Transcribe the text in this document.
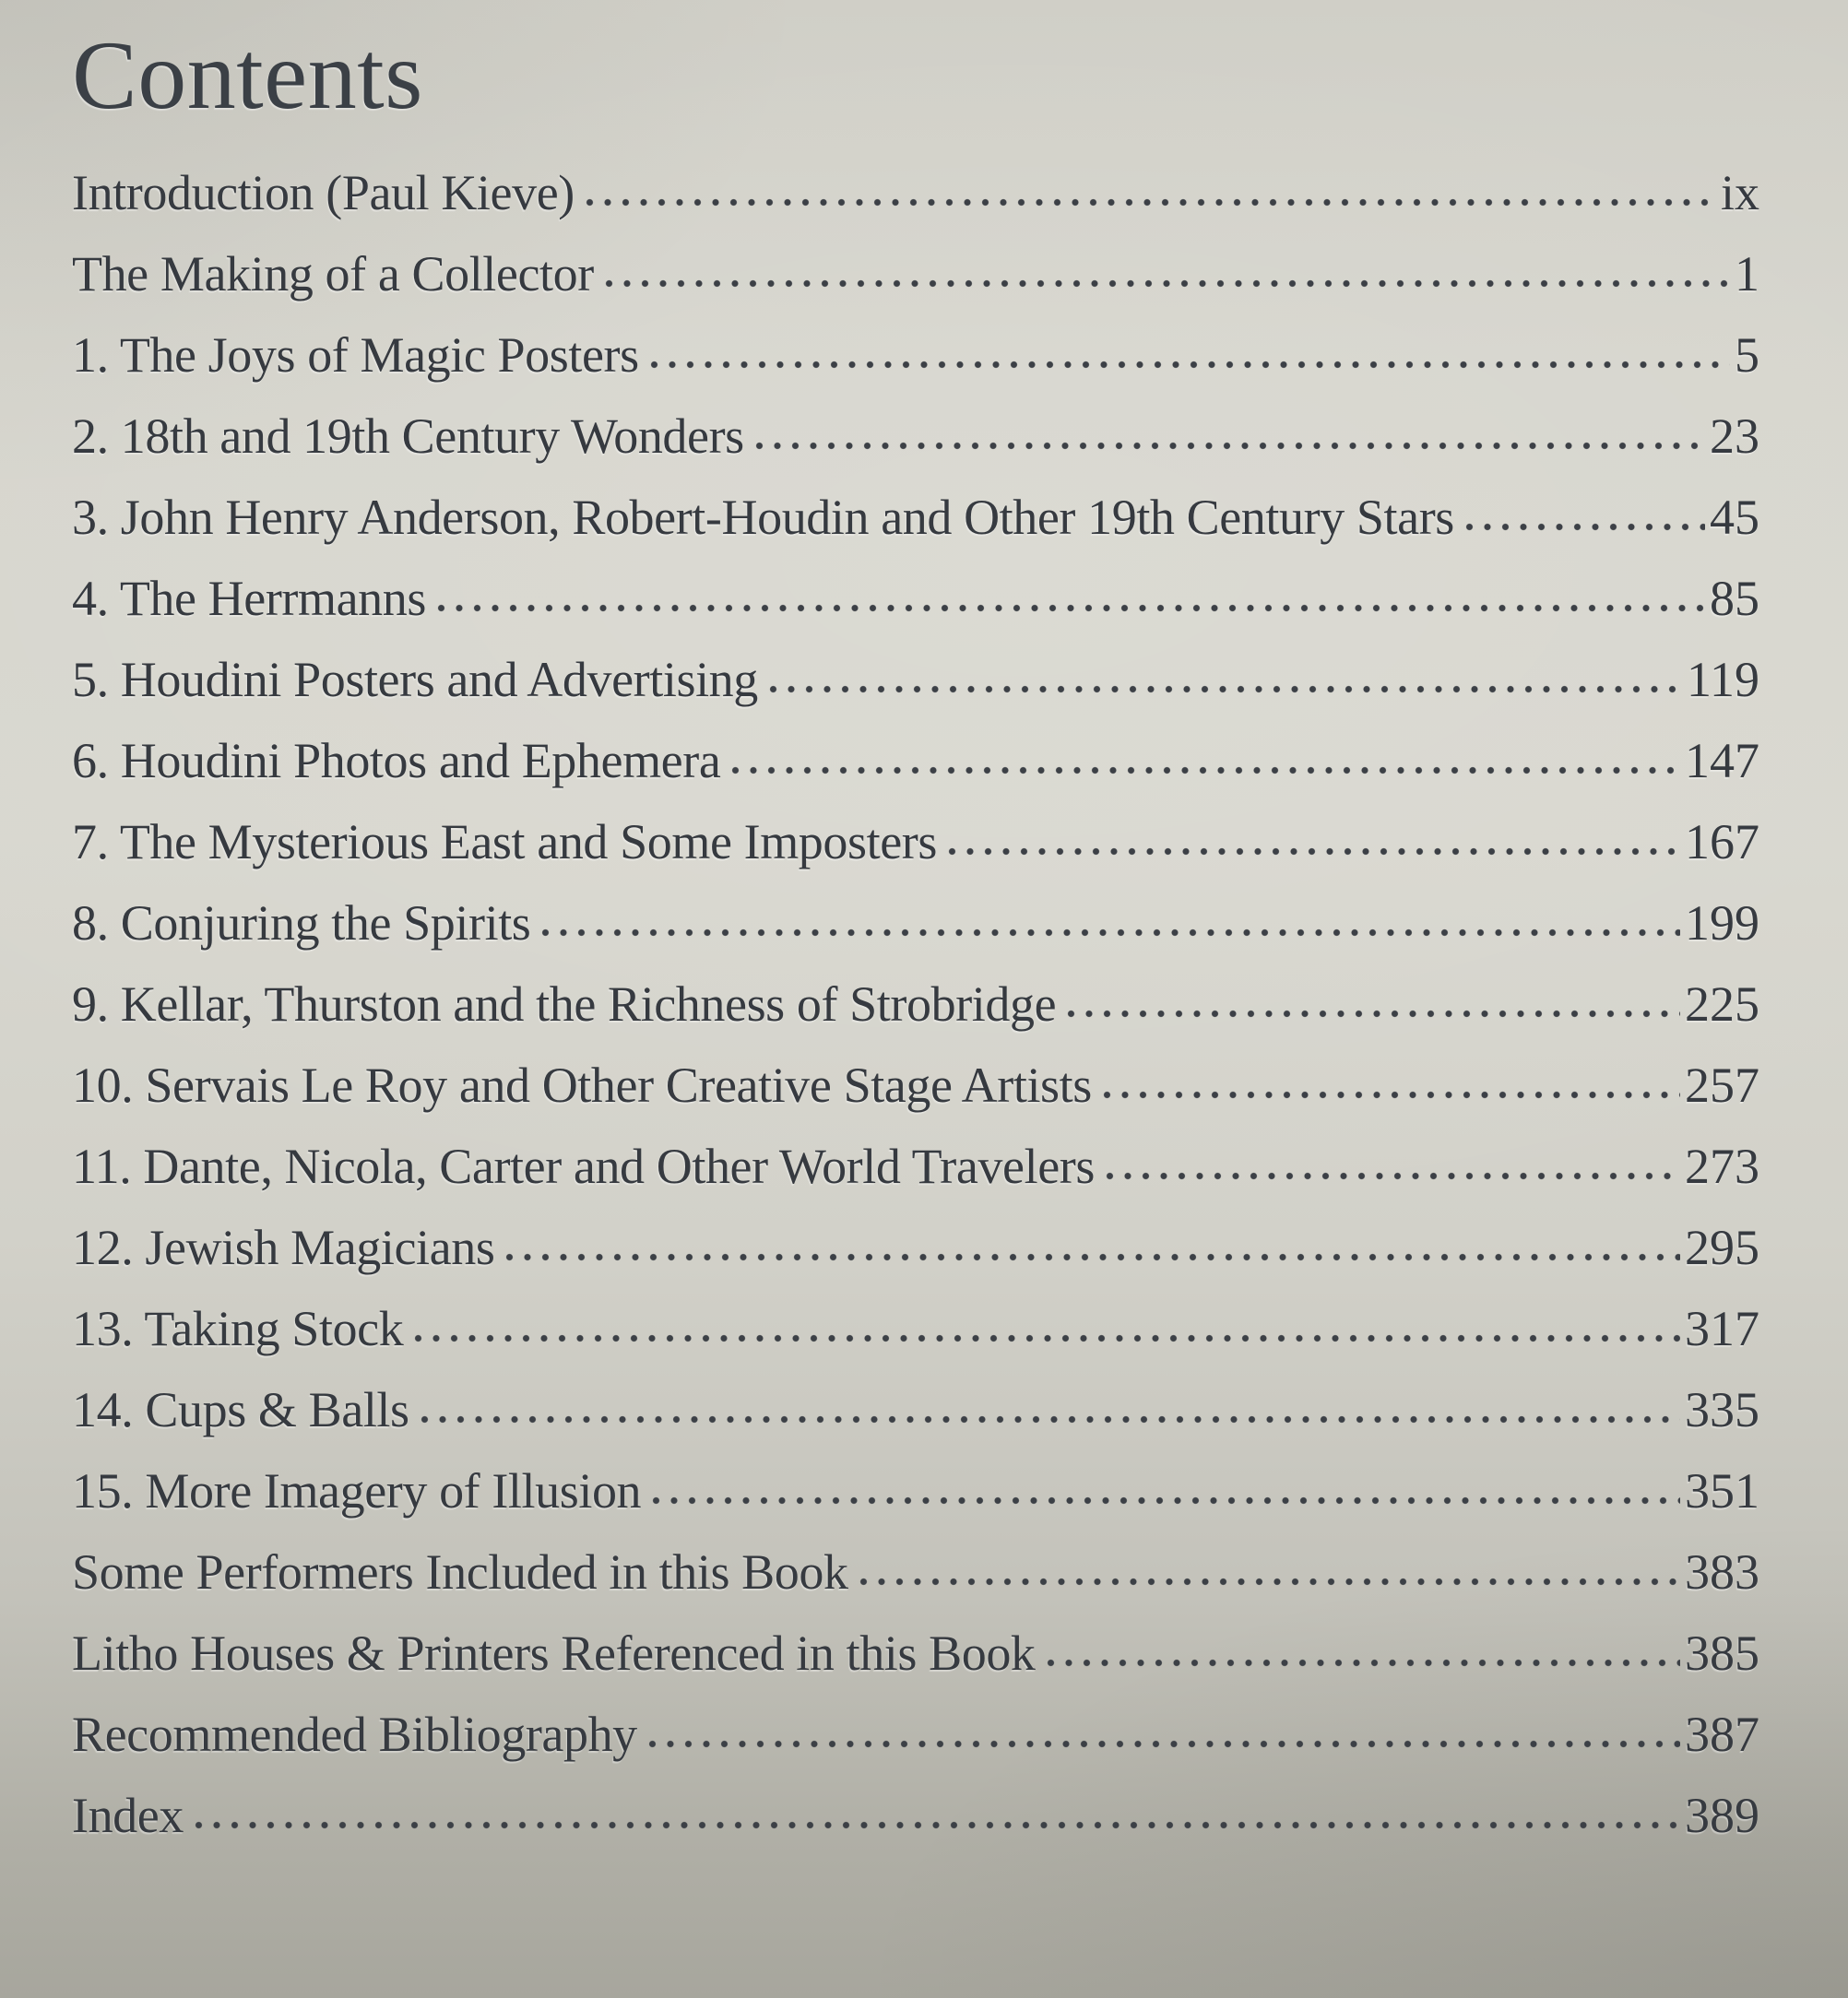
Contents
Introduction (Paul Kieve)	ix
The Making of a Collector	1
1. The Joys of Magic Posters	5
2. 18th and 19th Century Wonders	23
3. John Henry Anderson, Robert-Houdin and Other 19th Century Stars	45
4. The Herrmanns	85
5. Houdini Posters and Advertising	119
6. Houdini Photos and Ephemera	147
7. The Mysterious East and Some Imposters	167
8. Conjuring the Spirits	199
9. Kellar, Thurston and the Richness of Strobridge	225
10. Servais Le Roy and Other Creative Stage Artists	257
11. Dante, Nicola, Carter and Other World Travelers	273
12. Jewish Magicians	295
13. Taking Stock	317
14. Cups & Balls	335
15. More Imagery of Illusion	351
Some Performers Included in this Book	383
Litho Houses & Printers Referenced in this Book	385
Recommended Bibliography	387
Index	389
